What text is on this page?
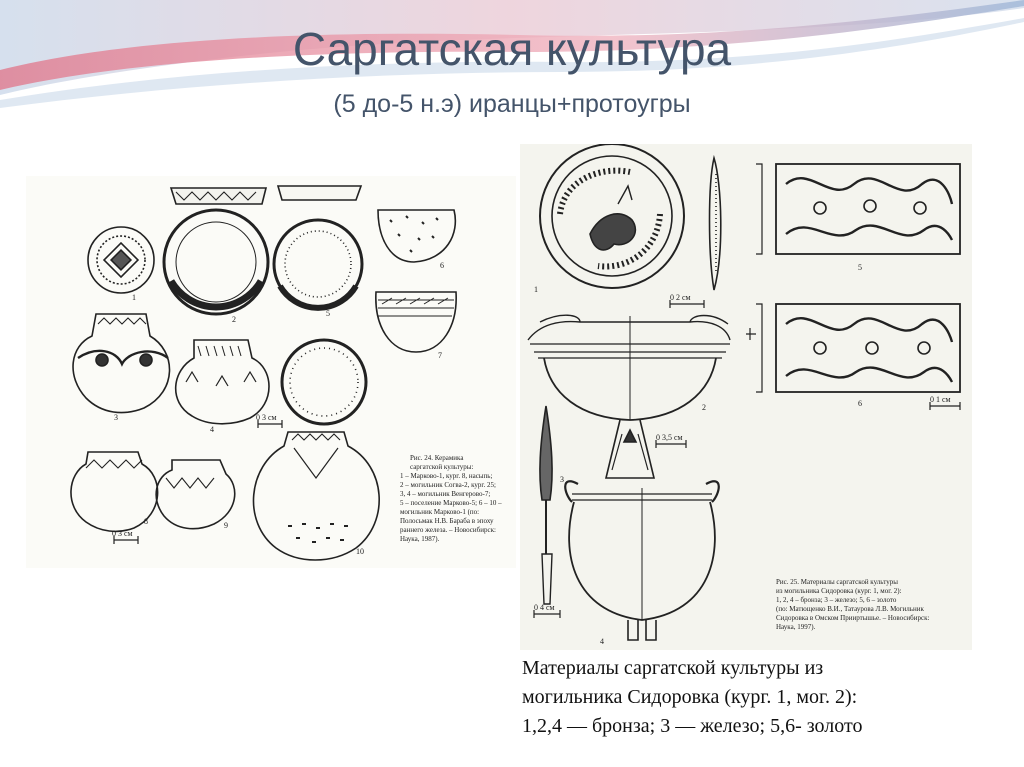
Саргатская культура
(5 до-5 н.э) иранцы+протоугры
1
2
3
4
5
6
7
8	9
10
0 3 см
0 3 см
Рис. 24. Керамика
саргатской культуры:
1 – Марково-1, кург. 8, насыпь;
2 – могильник Согва-2, кург. 25;
3, 4 – могильник Венгерово-7;
5 – поселение Марково-5; 6 – 10 –
могильник Марково-1 (по:
Полосьмак Н.В. Бараба в эпоху
раннего железа. – Новосибирск:
Наука, 1987).
1
2
3
4
5
6
0 2 см
0 3,5 см
0 1 см
0 4 см
Рис. 25. Материалы саргатской культуры
из могильника Сидоровка (кург. 1, мог. 2):
1, 2, 4 – бронза; 3 – железо; 5, 6 – золото
(по: Матющенко В.И., Татаурова Л.В. Могильник
Сидоровка в Омском Прииртышье. – Новосибирск:
Наука, 1997).
Материалы саргатской культуры из
могильника Сидоровка (кург. 1, мог. 2):
1,2,4 — бронза; 3 — железо; 5,6- золото
